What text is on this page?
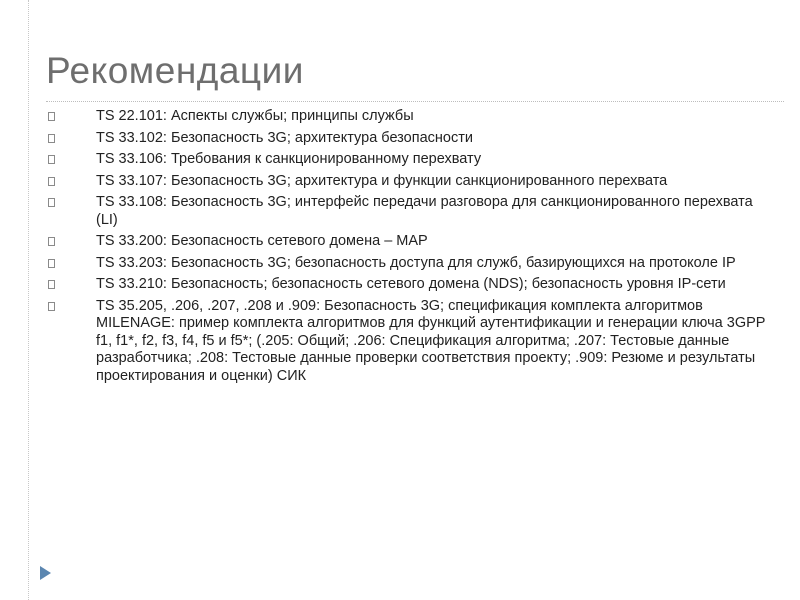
Рекомендации
TS 22.101: Аспекты службы; принципы службы
TS 33.102: Безопасность 3G; архитектура безопасности
TS 33.106: Требования к санкционированному перехвату
TS 33.107: Безопасность 3G; архитектура и функции санкционированного перехвата
TS 33.108: Безопасность 3G; интерфейс передачи разговора для санкционированного перехвата (LI)
TS 33.200: Безопасность сетевого домена – MAP
TS 33.203: Безопасность 3G; безопасность доступа для служб, базирующихся на протоколе IP
TS 33.210: Безопасность; безопасность сетевого домена (NDS); безопасность уровня IP-сети
TS 35.205, .206, .207, .208 и .909: Безопасность 3G; спецификация комплекта алгоритмов MILENAGE: пример комплекта алгоритмов для функций аутентификации и генерации ключа 3GPP f1, f1*, f2, f3, f4, f5 и f5*; (.205: Общий; .206: Спецификация алгоритма; .207: Тестовые данные разработчика; .208: Тестовые данные проверки соответствия проекту; .909: Резюме и результаты проектирования и оценки) СИК
